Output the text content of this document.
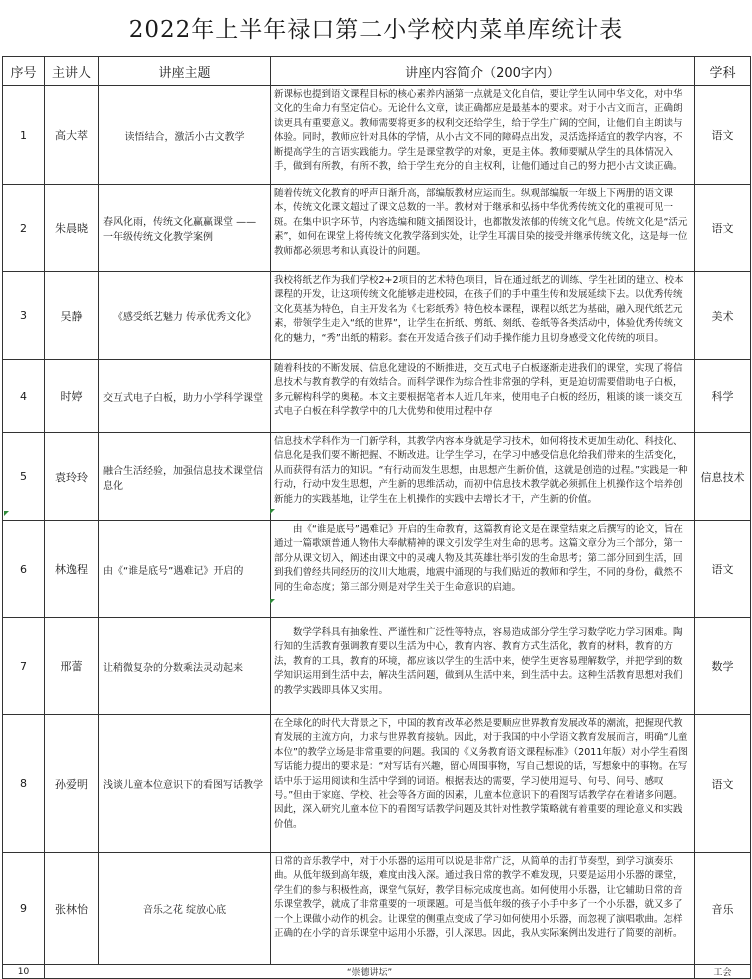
2022年上半年禄口第二小学校内菜单库统计表
序号	主讲人	讲座主题	讲座内容简介（200字内）	学科
1	高大萃	读悟结合，激活小古文教学	新课标也提到语文课程目标的核心素养内涵第一点就是文化自信，要让学生认同中华文化，对中华文化的生命力有坚定信心。无论什么文章，读正确都应是最基本的要求。对于小古文而言，正确朗读更具有重要意义。教师需要将更多的权利交还给学生，给于学生广阔的空间，让他们自主朗读与体验。同时，教师应针对具体的学情，从小古文不同的障碍点出发，灵活选择适宜的教学内容，不断提高学生的言语实践能力。学生是课堂教学的对象，更是主体。教师要赋从学生的具体情况入手，做到有所教，有所不教，给于学生充分的自主权利，让他们通过自己的努力把小古文读正确。	语文
2	朱晨晓	春风化雨，传统文化赢赢课堂 ——一年级传统文化教学案例	随着传统文化教育的呼声日渐升高，部编版教材应运而生。纵观部编版一年级上下两册的语文课本，传统文化课文超过了课文总数的一半。教材对于继承和弘扬中华优秀传统文化的重视可见一斑。在集中识字环节，内容选编和随文插图设计，也都散发浓郁的传统文化气息。传统文化是“活元素”，如何在课堂上将传统文化教学落到实处，让学生耳濡目染的接受并继承传统文化，这是每一位教师都必须思考和认真设计的问题。	语文
3	吴静	《感受纸艺魅力 传承优秀文化》	我校将纸艺作为我们学校2+2项目的艺术特色项目，旨在通过纸艺的训练、学生社团的建立、校本课程的开发，让这项传统文化能够走进校园，在孩子们的手中重生传和发展延续下去。以优秀传统文化莫基为特色，自主开发名为《七彩纸秀》特色校本课程，课程以纸艺为基础，融入现代纸艺元素，带领学生走入“纸的世界”，让学生在折纸、剪纸、刻纸、卷纸等各类活动中，体验优秀传统文化的魅力，“秀”出纸的精彩。套在开发适合孩子们动手操作能力且切身感受文化传统的项目。	美术
4	时婷	交互式电子白板，助力小学科学课堂	随着科技的不断发展、信息化建设的不断推进，交互式电子白板逐渐走进我们的课堂，实现了将信息技术与教育教学的有效结合。而科学课作为综合性非常强的学科，更是迫切需要借助电子白板，多元解构科学的奥秘。本文主要根据笔者本人近几年来，使用电子白板的经历，粗谈的谈一谈交互式电子白板在科学教学中的几大优势和使用过程中存	科学
5	袁玲玲	融合生活经验，加强信息技术课堂信息化	信息技术学科作为一门新学科，其教学内容本身就是学习技术，如何将技术更加生动化、科技化、信息化是我们要不断把握、不断改进。让学生学习，在学习中感受信息化给我们带来的生活变化，从而获得有活力的知识。“有行动而发生思想，由思想产生新价值，这就是创造的过程。”实践是一种行动，行动中发生思想，产生新的思维活动，而初中信息技术教学就必须抓住上机操作这个培养创新能力的实践基地，让学生在上机操作的实践中去增长才干，产生新的价值。	信息技术
6	林逸程	由《“谁是底号”遇难记》开启的	由《“谁是底号”遇难记》开启的生命教育，这篇教育论文是在课堂结束之后撰写的论文，旨在通过一篇歌颂普通人物伟大奉献精神的课文引发学生对生命的思考。这篇文章分为三个部分，第一部分从课文切入，阐述由课文中的灵魂人物及其英雄壮举引发的生命思考；第二部分回到生活，回到我们曾经共同经历的汶川大地震，地震中涌现的与我们贴近的教师和学生，不同的身份，截然不同的生命态度；第三部分则是对学生关于生命意识的启迪。	语文
7	邢蕾	让稍微复杂的分数乘法灵动起来	数学学科具有抽象性、严谨性和广泛性等特点，容易造成部分学生学习数学吃力学习困难。陶行知的生活教育强调教育要以生活为中心，教育内容、教育方式生活化，教育的材料，教育的方法，教育的工具，教育的环境，都应该以学生的生活中来，使学生更容易理解数学，并把学到的数学知识运用到生活中去，解决生活问题，做到从生活中来，到生活中去。这种生活教育思想对我们的教学实践即具体又实用。	数学
8	孙爱明	浅谈儿童本位意识下的看图写话教学	在全球化的时代大背景之下，中国的教育改革必然是要顺应世界教育发展改革的潮流，把握现代教育发展的主流方向，力求与世界教育接轨。因此，对于我国的中小学语文教育发展而言，明确“儿童本位”的教学立场是非常重要的问题。我国的《义务教育语文课程标准》（2011年版）对小学生看图写话能力提出的要求是：“对写话有兴趣，留心周围事物，写自己想说的话，写想象中的事物。在写话中乐于运用阅读和生活中学到的词语。根据表达的需要，学习使用逗号、句号、问号、感叹号。”但由于家庭、学校、社会等各方面的因素，儿童本位意识下的看图写话教学存在着诸多问题。因此，深入研究儿童本位下的看图写话教学问题及其针对性教学策略就有着重要的理论意义和实践价值。	语文
9	张林怡	音乐之花 绽放心底	日常的音乐教学中，对于小乐器的运用可以说是非常广泛，从简单的击打节奏型，到学习演奏乐曲。从低年级到高年级，难度由浅入深。通过我日常的教学不难发现，只要是运用小乐器的课堂，学生们的参与积极性高，课堂气氛好，教学目标完成度也高。如何使用小乐器，让它辅助日常的音乐课堂教学，就成了非常重要的一项课题。可是当低年级的孩子小手中多了一个小乐器，就又多了一个上课做小动作的机会。让课堂的侧重点变成了学习如何使用小乐器，而忽视了演唱歌曲。怎样正确的在小学的音乐课堂中运用小乐器，引人深思。因此，我从实际案例出发进行了简要的剖析。	音乐
10	“崇德讲坛”			工会
